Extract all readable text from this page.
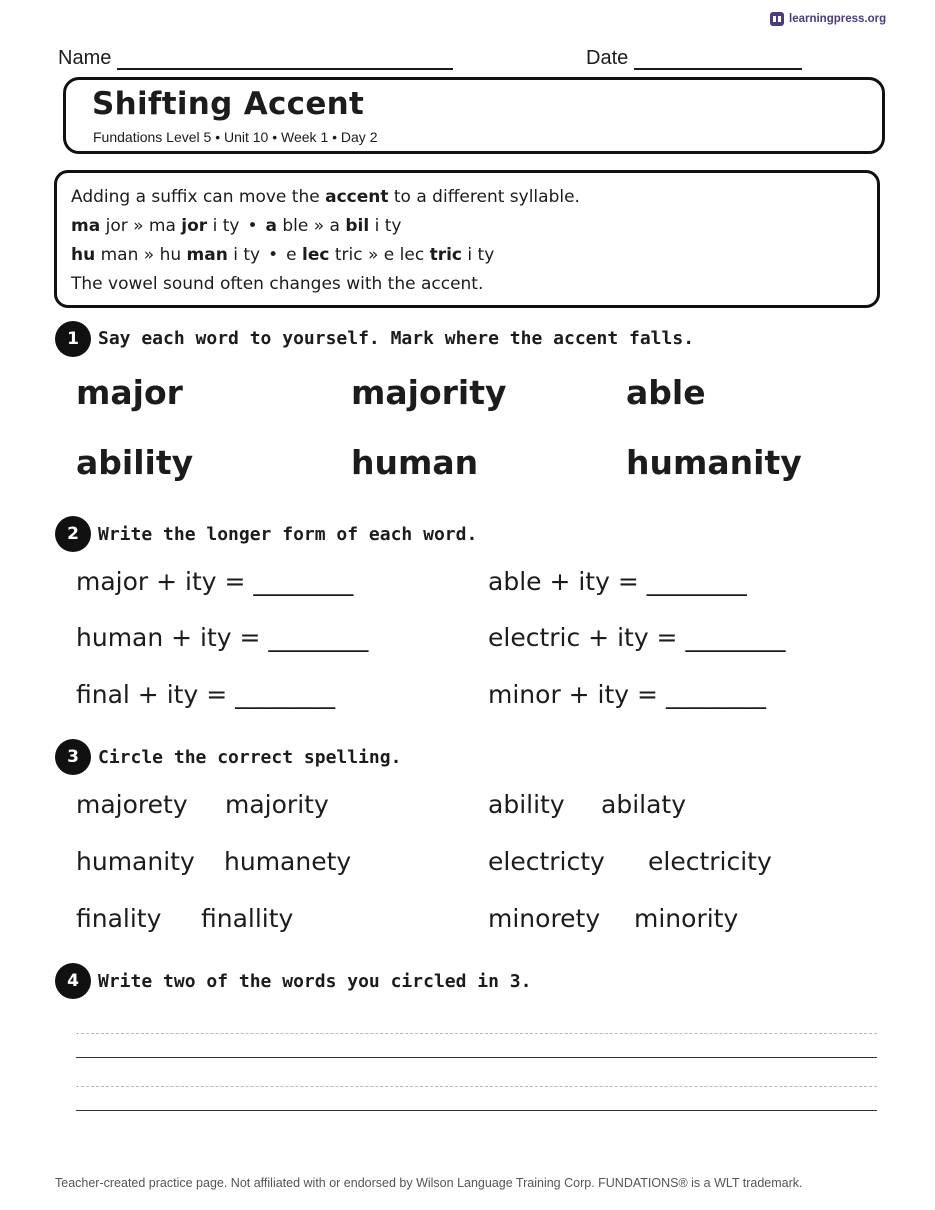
learningpress.org
Name	Date
Shifting Accent
Fundations Level 5 • Unit 10 • Week 1 • Day 2
Adding a suffix can move the accent to a different syllable.
ma jor » ma jor i ty • a ble » a bil i ty
hu man » hu man i ty • e lec tric » e lec tric i ty
The vowel sound often changes with the accent.
1	Say each word to yourself. Mark where the accent falls.
major	majority	able
ability	human	humanity
2	Write the longer form of each word.
major + ity = ________	able + ity = ________
human + ity = ________	electric + ity = ________
final + ity = ________	minor + ity = ________
3	Circle the correct spelling.
majorety majority	ability abilaty
humanity humanety	electricty electricity
finality finallity	minorety minority
4	Write two of the words you circled in 3.
Teacher-created practice page. Not affiliated with or endorsed by Wilson Language Training Corp. FUNDATIONS® is a WLT trademark.
